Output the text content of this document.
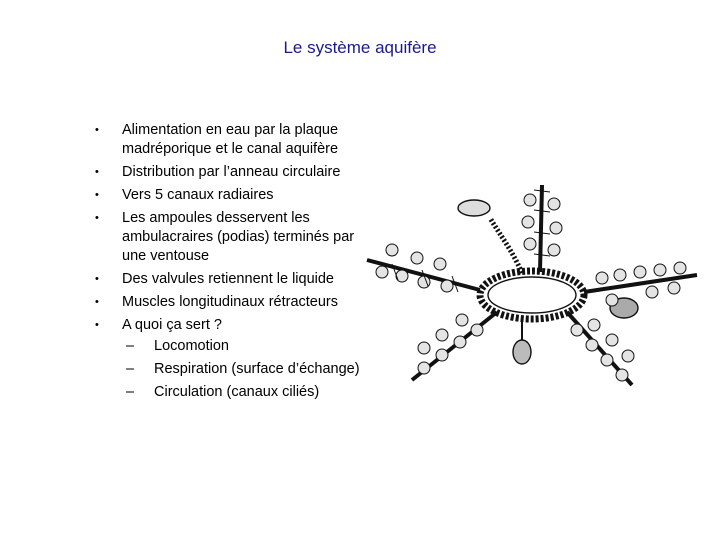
Le système aquifère
• Alimentation en eau par la plaque madréporique et le canal aquifère
• Distribution par l’anneau circulaire
• Vers 5 canaux radiaires
• Les ampoules desservent les ambulacraires (podias) terminés par une ventouse
• Des valvules retiennent le liquide
• Muscles longitudinaux rétracteurs
• A quoi ça sert ?
– Locomotion
– Respiration (surface d’échange)
– Circulation (canaux ciliés)
